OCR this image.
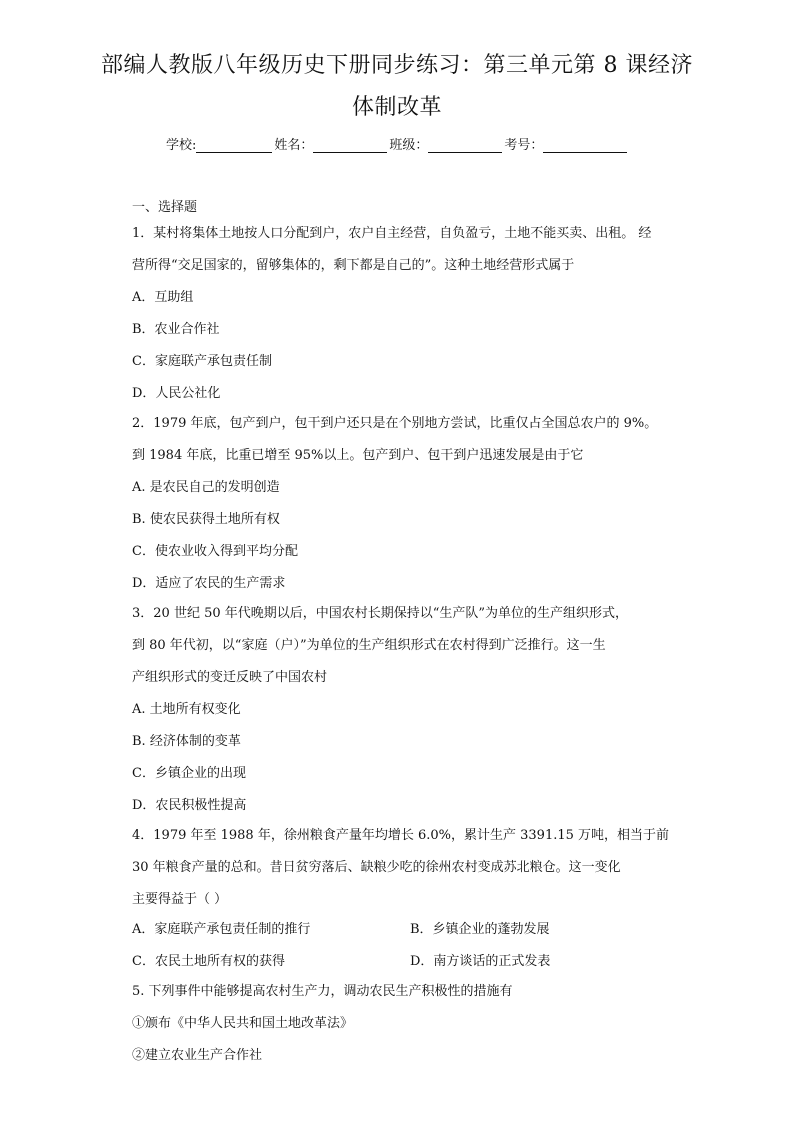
部编人教版八年级历史下册同步练习：第三单元第 8 课经济
体制改革
学校:	姓名：	班级：	考号：
一、选择题
1．某村将集体土地按人口分配到户，农户自主经营，自负盈亏，土地不能买卖、出租。 经
营所得“交足国家的，留够集体的，剩下都是自己的”。这种土地经营形式属于
A．互助组
B．农业合作社
C．家庭联产承包责任制
D．人民公社化
2．1979 年底，包产到户，包干到户还只是在个别地方尝试，比重仅占全国总农户的 9%。
到 1984 年底，比重已增至 95%以上。包产到户、包干到户迅速发展是由于它
A. 是农民自己的发明创造
B. 使农民获得土地所有权
C．使农业收入得到平均分配
D．适应了农民的生产需求
3．20 世纪 50 年代晚期以后，中国农村长期保持以“生产队”为单位的生产组织形式，
到 80 年代初，以“家庭（户）”为单位的生产组织形式在农村得到广泛推行。这一生
产组织形式的变迁反映了中国农村
A. 土地所有权变化
B. 经济体制的变革
C．乡镇企业的出现
D．农民积极性提高
4．1979 年至 1988 年，徐州粮食产量年均增长 6.0%，累计生产 3391.15 万吨，相当于前
30 年粮食产量的总和。昔日贫穷落后、缺粮少吃的徐州农村变成苏北粮仓。这一变化
主要得益于（ ）
A．家庭联产承包责任制的推行	B．乡镇企业的蓬勃发展
C．农民土地所有权的获得	D．南方谈话的正式发表
5. 下列事件中能够提高农村生产力，调动农民生产积极性的措施有
①颁布《中华人民共和国土地改革法》
②建立农业生产合作社
